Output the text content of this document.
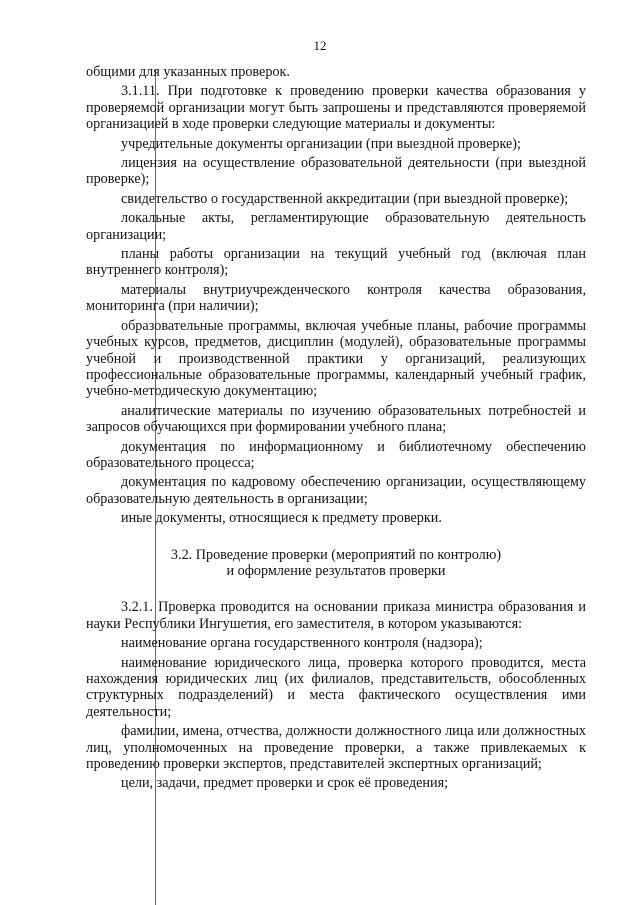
12

общими для указанных проверок.

3.1.11. При подготовке к проведению проверки качества образования у проверяемой организации могут быть запрошены и представляются проверяемой организацией в ходе проверки следующие материалы и документы:

учредительные документы организации (при выездной проверке);

лицензия на осуществление образовательной деятельности (при выездной проверке);

свидетельство о государственной аккредитации (при выездной проверке);

локальные акты, регламентирующие образовательную деятельность организации;

планы работы организации на текущий учебный год (включая план внутреннего контроля);

материалы внутриучрежденческого контроля качества образования, мониторинга (при наличии);

образовательные программы, включая учебные планы, рабочие программы учебных курсов, предметов, дисциплин (модулей), образовательные программы учебной и производственной практики у организаций, реализующих профессиональные образовательные программы, календарный учебный график, учебно-методическую документацию;

аналитические материалы по изучению образовательных потребностей и запросов обучающихся при формировании учебного плана;

документация по информационному и библиотечному обеспечению образовательного процесса;

документация по кадровому обеспечению организации, осуществляющему образовательную деятельность в организации;

иные документы, относящиеся к предмету проверки.

3.2. Проведение проверки (мероприятий по контролю)
и оформление результатов проверки

3.2.1. Проверка проводится на основании приказа министра образования и науки Республики Ингушетия, его заместителя, в котором указываются:

наименование органа государственного контроля (надзора);

наименование юридического лица, проверка которого проводится, места нахождения юридических лиц (их филиалов, представительств, обособленных структурных подразделений) и места фактического осуществления ими деятельности;

фамилии, имена, отчества, должности должностного лица или должностных лиц, уполномоченных на проведение проверки, а также привлекаемых к проведению проверки экспертов, представителей экспертных организаций;

цели, задачи, предмет проверки и срок её проведения;
